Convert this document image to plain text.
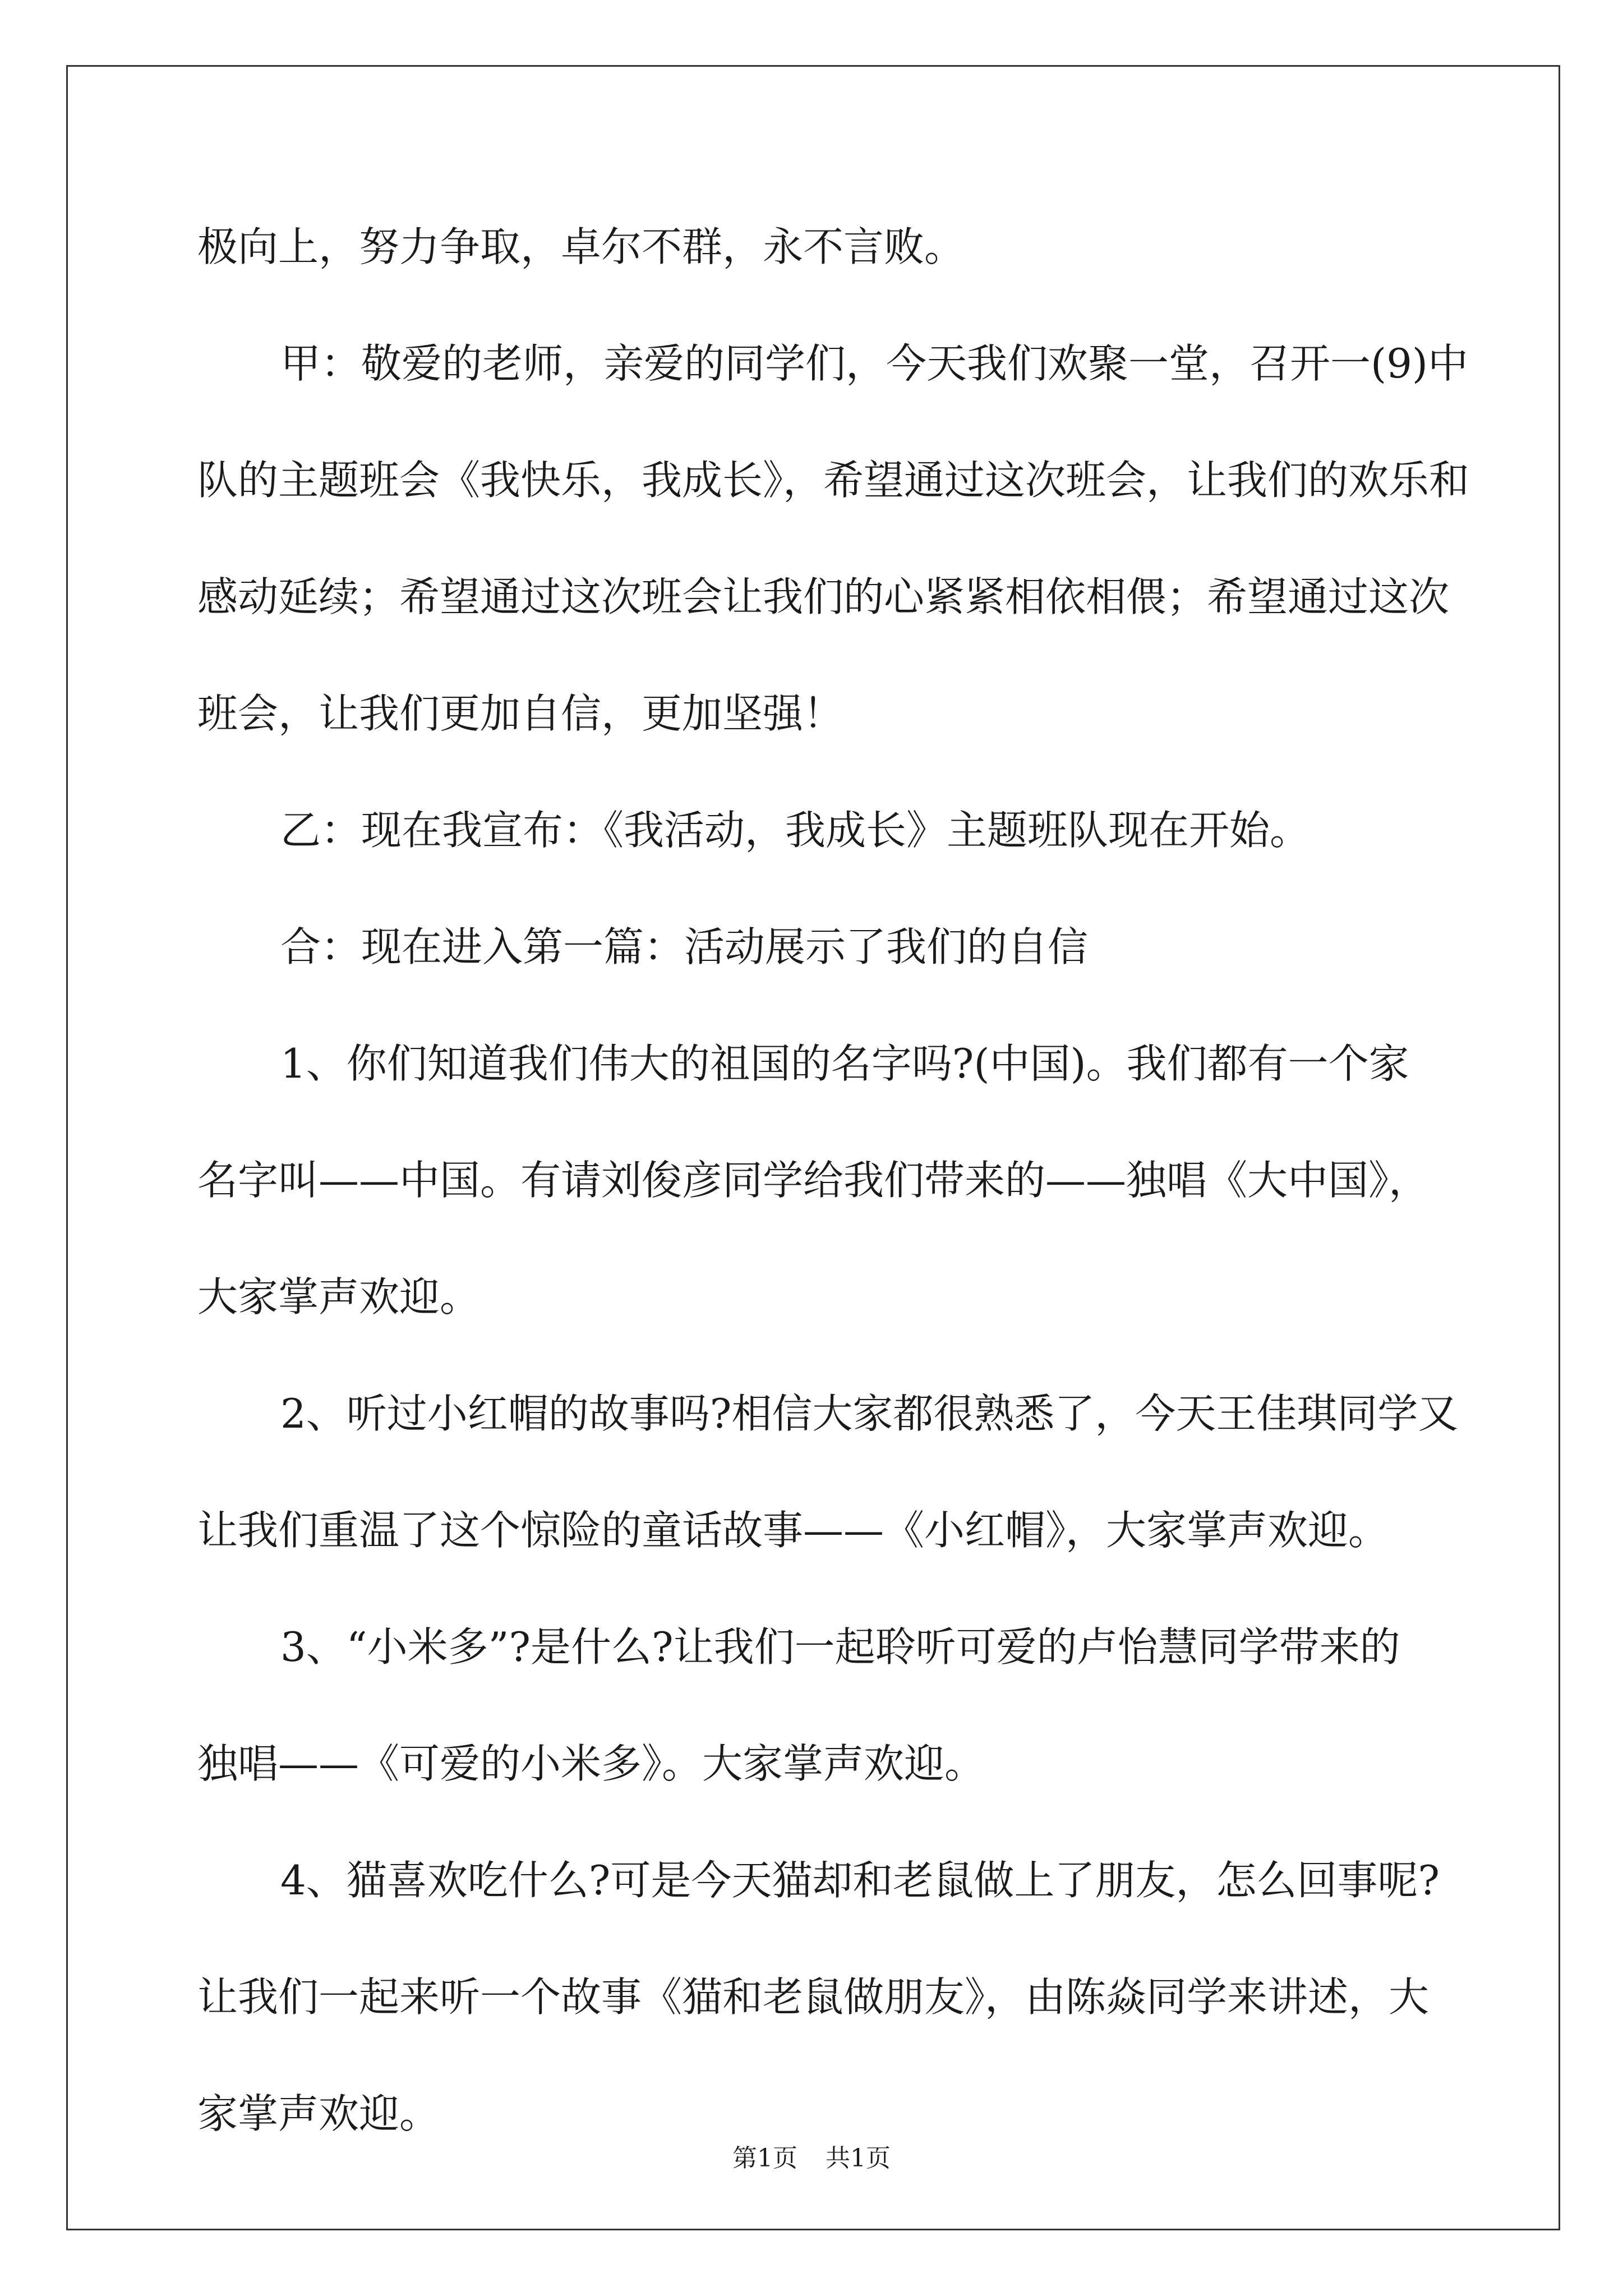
极向上，努力争取，卓尔不群，永不言败。
甲：敬爱的老师，亲爱的同学们，今天我们欢聚一堂，召开一(9)中
队的主题班会《我快乐，我成长》，希望通过这次班会，让我们的欢乐和
感动延续；希望通过这次班会让我们的心紧紧相依相偎；希望通过这次
班会，让我们更加自信，更加坚强！
乙：现在我宣布：《我活动，我成长》主题班队现在开始。
合：现在进入第一篇：活动展示了我们的自信
1、你们知道我们伟大的祖国的名字吗?(中国)。我们都有一个家
名字叫——中国。有请刘俊彦同学给我们带来的——独唱《大中国》，
大家掌声欢迎。
2、听过小红帽的故事吗?相信大家都很熟悉了，今天王佳琪同学又
让我们重温了这个惊险的童话故事——《小红帽》，大家掌声欢迎。
3、“小米多”?是什么?让我们一起聆听可爱的卢怡慧同学带来的
独唱——《可爱的小米多》。大家掌声欢迎。
4、猫喜欢吃什么?可是今天猫却和老鼠做上了朋友，怎么回事呢?
让我们一起来听一个故事《猫和老鼠做朋友》，由陈焱同学来讲述，大
家掌声欢迎。
第1页 共1页
